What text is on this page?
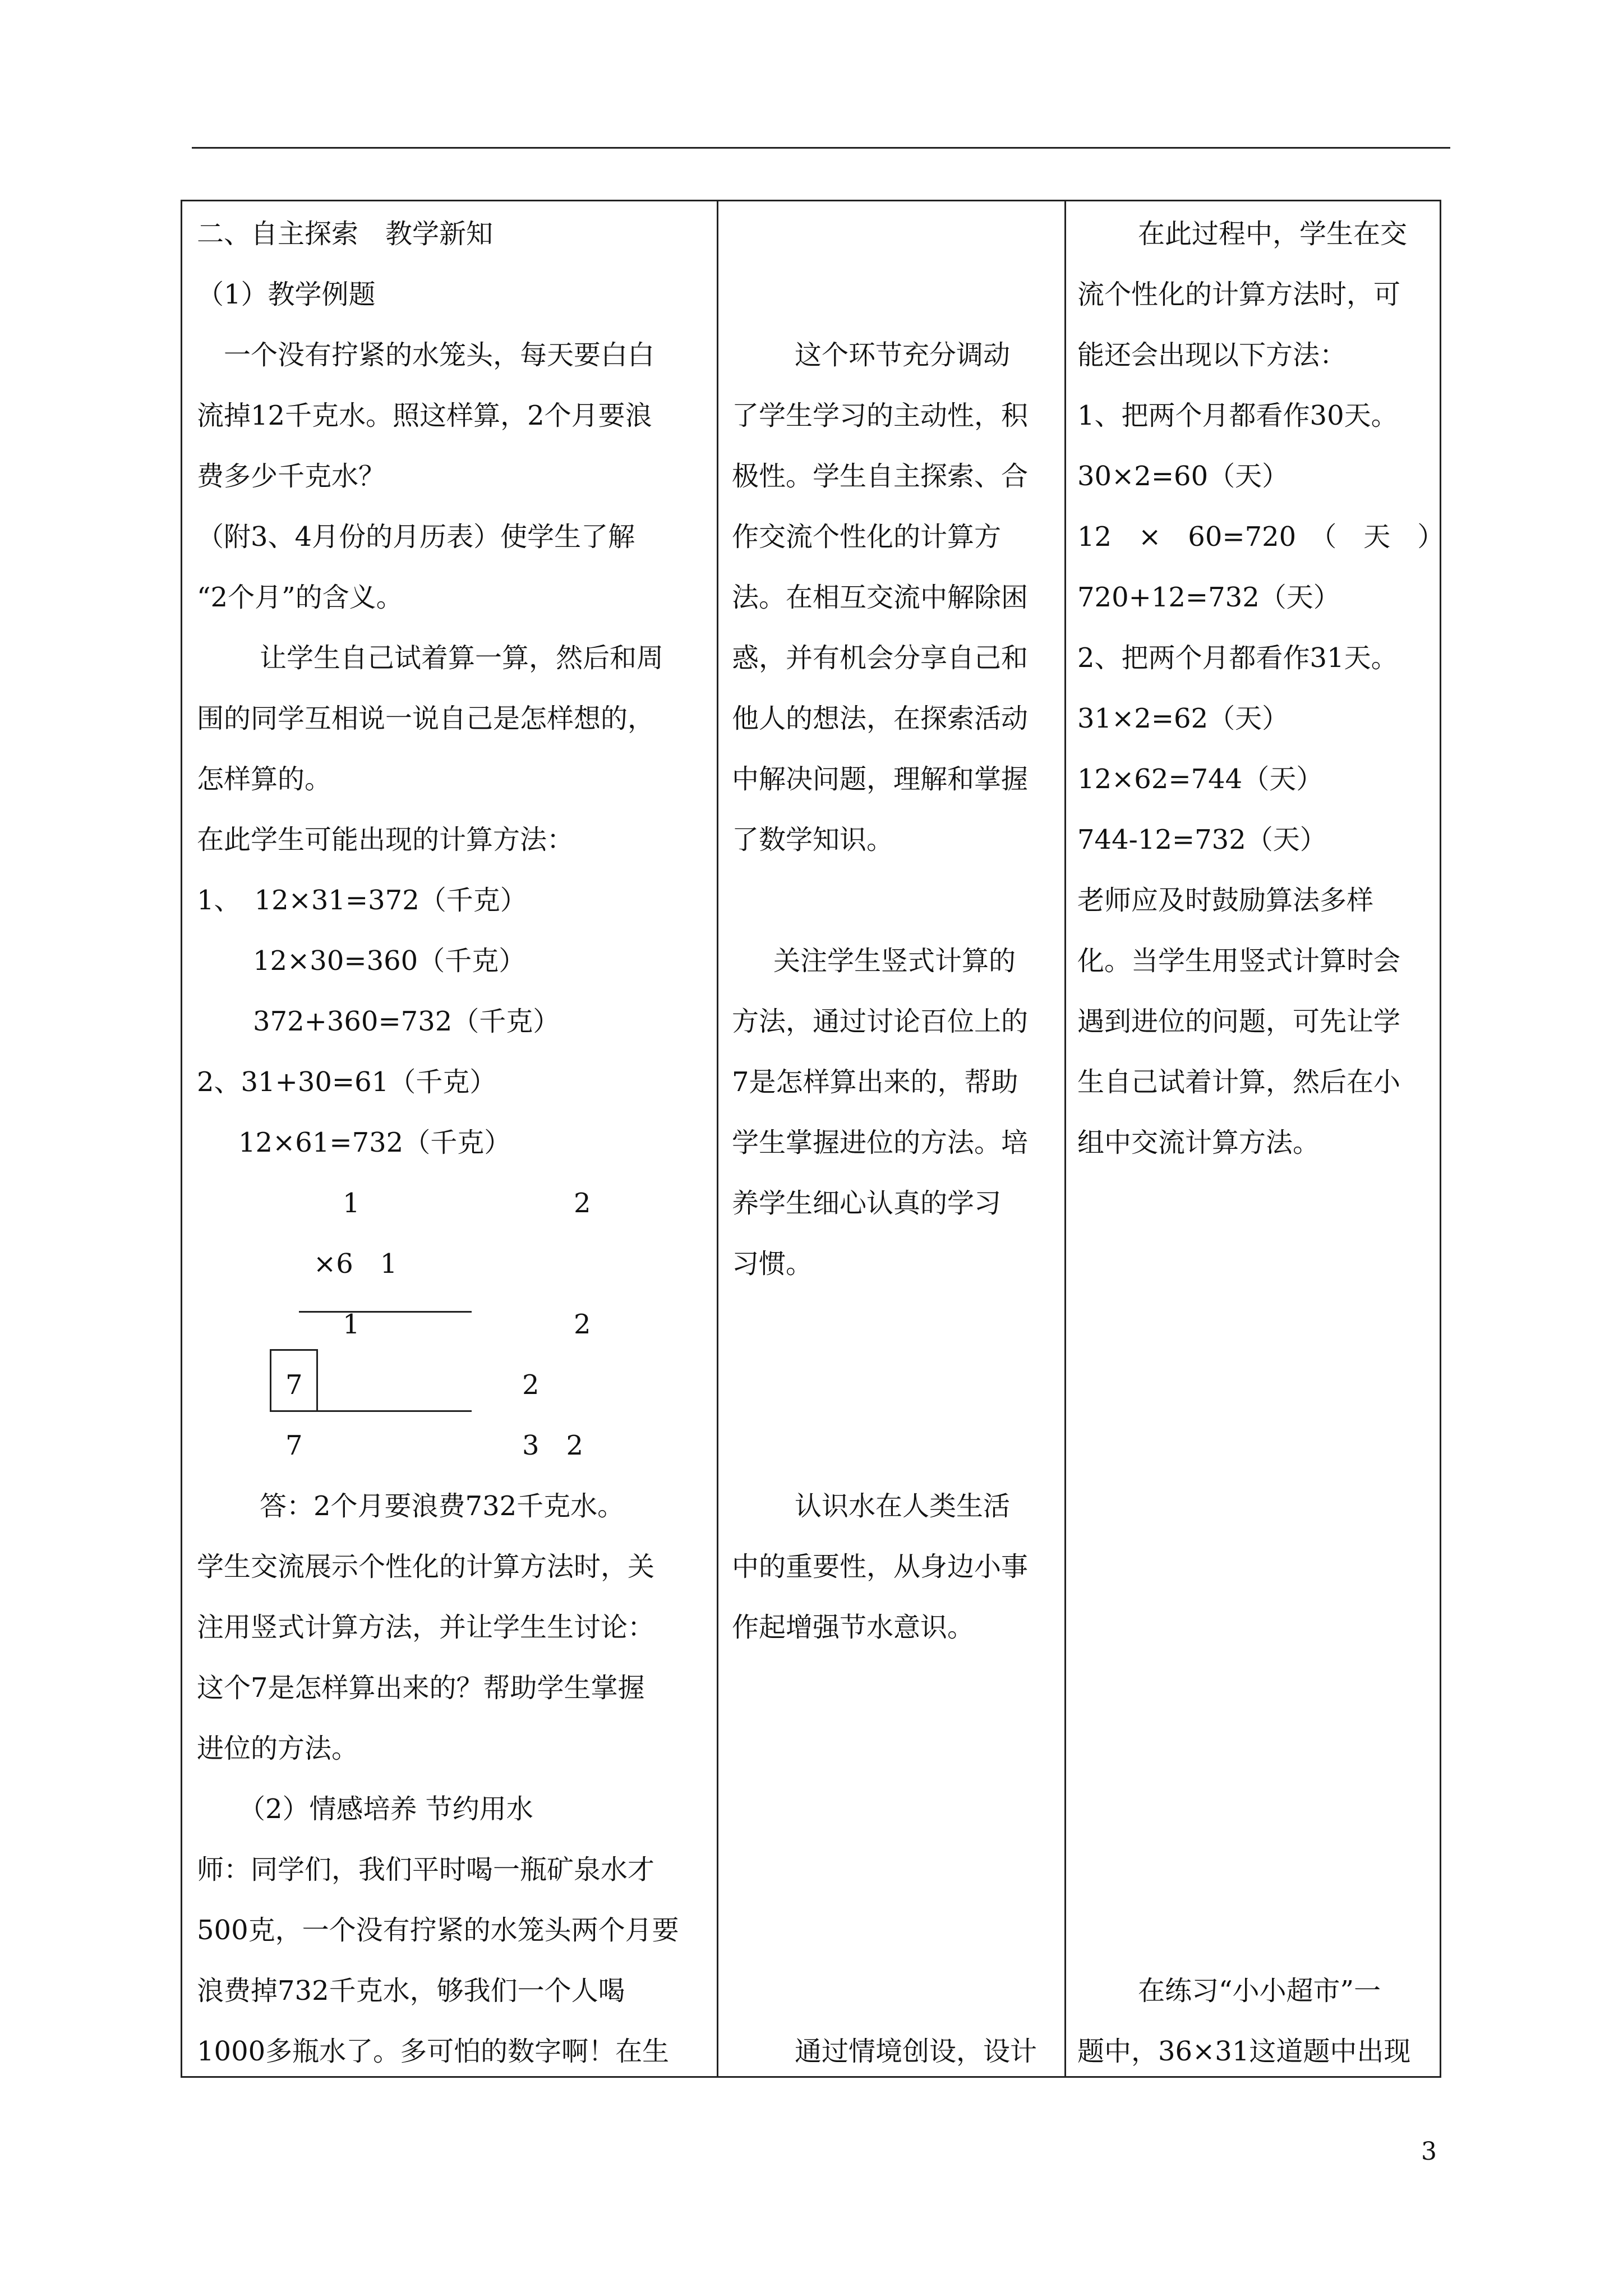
二、自主探索　教学新知
（1）教学例题
　一个没有拧紧的水笼头，每天要白白
流掉12千克水。照这样算，2个月要浪
费多少千克水？
（附3、4月份的月历表）使学生了解
“2个月”的含义。
让学生自己试着算一算，然后和周
围的同学互相说一说自己是怎样想的，
怎样算的。
在此学生可能出现的计算方法：
1、　12×31=372（千克）
12×30=360（千克）
372+360=732（千克）
2、31+30=61（千克）
12×61=732（千克）
1	2
×6　1
1	2
7	2
7	3　2
答：2个月要浪费732千克水。
学生交流展示个性化的计算方法时，关
注用竖式计算方法，并让学生生讨论：
这个7是怎样算出来的？帮助学生掌握
进位的方法。
（2）情感培养 节约用水
师：同学们，我们平时喝一瓶矿泉水才
500克，一个没有拧紧的水笼头两个月要
浪费掉732千克水，够我们一个人喝
1000多瓶水了。多可怕的数字啊！在生

这个环节充分调动
了学生学习的主动性，积
极性。学生自主探索、合
作交流个性化的计算方
法。在相互交流中解除困
惑，并有机会分享自己和
他人的想法，在探索活动
中解决问题，理解和掌握
了数学知识。
关注学生竖式计算的
方法，通过讨论百位上的
7是怎样算出来的，帮助
学生掌握进位的方法。培
养学生细心认真的学习
习惯。
认识水在人类生活
中的重要性，从身边小事
作起增强节水意识。
通过情境创设，设计

在此过程中，学生在交
流个性化的计算方法时，可
能还会出现以下方法：
1、把两个月都看作30天。
30×2=60（天）
12　×　60=720　（　天　）
720+12=732（天）
2、把两个月都看作31天。
31×2=62（天）
12×62=744（天）
744-12=732（天）
老师应及时鼓励算法多样
化。当学生用竖式计算时会
遇到进位的问题，可先让学
生自己试着计算，然后在小
组中交流计算方法。
在练习“小小超市”一
题中，36×31这道题中出现
3
